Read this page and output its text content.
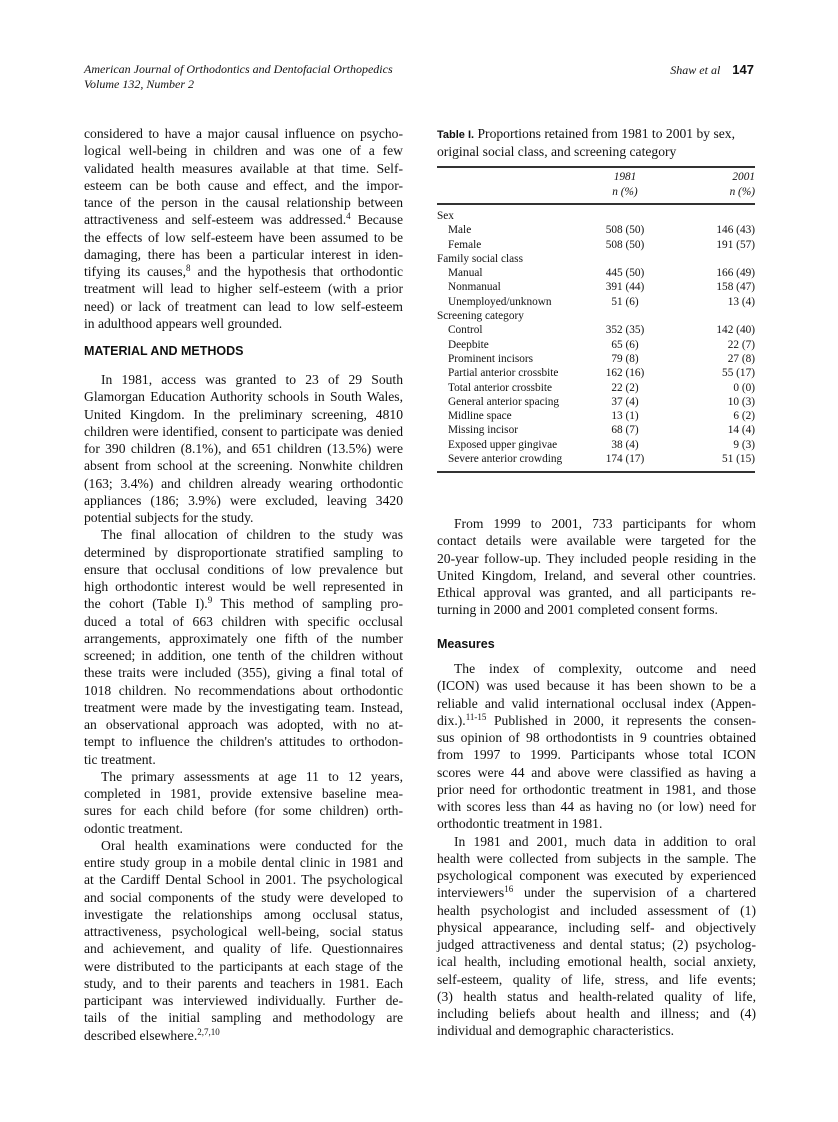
American Journal of Orthodontics and Dentofacial Orthopedics
Volume 132, Number 2
Shaw et al 147
considered to have a major causal influence on psycho-
logical well-being in children and was one of a few
validated health measures available at that time. Self-
esteem can be both cause and effect, and the impor-
tance of the person in the causal relationship between
attractiveness and self-esteem was addressed.$^4$ Because
the effects of low self-esteem have been assumed to be
damaging, there has been a particular interest in iden-
tifying its causes,$^8$ and the hypothesis that orthodontic
treatment will lead to higher self-esteem (with a prior
need) or lack of treatment can lead to low self-esteem
in adulthood appears well grounded.
MATERIAL AND METHODS
In 1981, access was granted to 23 of 29 South
Glamorgan Education Authority schools in South Wales,
United Kingdom. In the preliminary screening, 4810
children were identified, consent to participate was denied
for 390 children (8.1%), and 651 children (13.5%) were
absent from school at the screening. Nonwhite children
(163; 3.4%) and children already wearing orthodontic
appliances (186; 3.9%) were excluded, leaving 3420
potential subjects for the study.
The final allocation of children to the study was
determined by disproportionate stratified sampling to
ensure that occlusal conditions of low prevalence but
high orthodontic interest would be well represented in
the cohort (Table I).$^9$ This method of sampling pro-
duced a total of 663 children with specific occlusal
arrangements, approximately one fifth of the number
screened; in addition, one tenth of the children without
these traits were included (355), giving a final total of
1018 children. No recommendations about orthodontic
treatment were made by the investigating team. Instead,
an observational approach was adopted, with no at-
tempt to influence the children's attitudes to orthodon-
tic treatment.
The primary assessments at age 11 to 12 years,
completed in 1981, provide extensive baseline mea-
sures for each child before (for some children) orth-
odontic treatment.
Oral health examinations were conducted for the
entire study group in a mobile dental clinic in 1981 and
at the Cardiff Dental School in 2001. The psychological
and social components of the study were developed to
investigate the relationships among occlusal status,
attractiveness, psychological well-being, social status
and achievement, and quality of life. Questionnaires
were distributed to the participants at each stage of the
study, and to their parents and teachers in 1981. Each
participant was interviewed individually. Further de-
tails of the initial sampling and methodology are
described elsewhere.$^{2,7,10}$
Table I. Proportions retained from 1981 to 2001 by sex,
original social class, and screening category
	1981	2001
	n (%)	n (%)
Sex		
Male	508 (50)	146 (43)
Female	508 (50)	191 (57)
Family social class		
Manual	445 (50)	166 (49)
Nonmanual	391 (44)	158 (47)
Unemployed/unknown	51 (6)	13 (4)
Screening category		
Control	352 (35)	142 (40)
Deepbite	65 (6)	22 (7)
Prominent incisors	79 (8)	27 (8)
Partial anterior crossbite	162 (16)	55 (17)
Total anterior crossbite	22 (2)	0 (0)
General anterior spacing	37 (4)	10 (3)
Midline space	13 (1)	6 (2)
Missing incisor	68 (7)	14 (4)
Exposed upper gingivae	38 (4)	9 (3)
Severe anterior crowding	174 (17)	51 (15)
From 1999 to 2001, 733 participants for whom
contact details were available were targeted for the
20-year follow-up. They included people residing in the
United Kingdom, Ireland, and several other countries.
Ethical approval was granted, and all participants re-
turning in 2000 and 2001 completed consent forms.
Measures
The index of complexity, outcome and need
(ICON) was used because it has been shown to be a
reliable and valid international occlusal index (Appen-
dix.).$^{11-15}$ Published in 2000, it represents the consen-
sus opinion of 98 orthodontists in 9 countries obtained
from 1997 to 1999. Participants whose total ICON
scores were 44 and above were classified as having a
prior need for orthodontic treatment in 1981, and those
with scores less than 44 as having no (or low) need for
orthodontic treatment in 1981.
In 1981 and 2001, much data in addition to oral
health were collected from subjects in the sample. The
psychological component was executed by experienced
interviewers$^{16}$ under the supervision of a chartered
health psychologist and included assessment of (1)
physical appearance, including self- and objectively
judged attractiveness and dental status; (2) psycholog-
ical health, including emotional health, social anxiety,
self-esteem, quality of life, stress, and life events;
(3) health status and health-related quality of life,
including beliefs about health and illness; and (4)
individual and demographic characteristics.
